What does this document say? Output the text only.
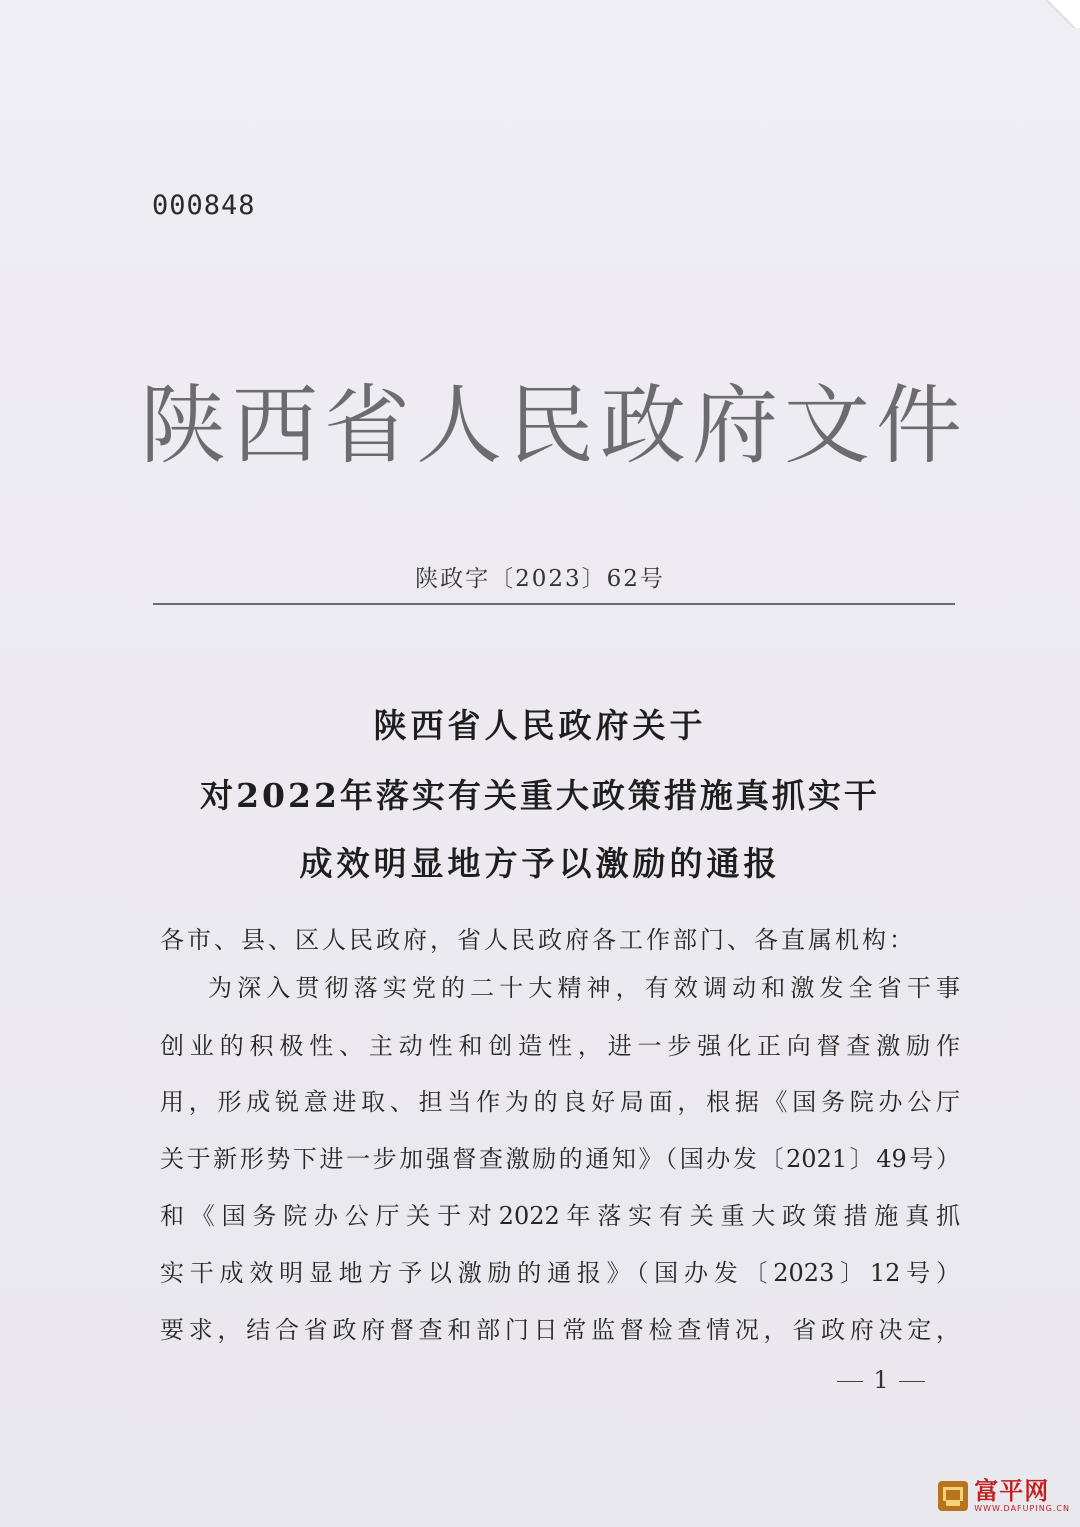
000848
陕西省人民政府文件
陕政字〔2023〕62号
陕西省人民政府关于
对2022年落实有关重大政策措施真抓实干
成效明显地方予以激励的通报
各市、县、区人民政府，省人民政府各工作部门、各直属机构：
为深入贯彻落实党的二十大精神，有效调动和激发全省干事
创业的积极性、主动性和创造性，进一步强化正向督查激励作
用，形成锐意进取、担当作为的良好局面，根据《国务院办公厅
关于新形势下进一步加强督查激励的通知》（国办发〔2021〕49号）
和《国务院办公厅关于对2022年落实有关重大政策措施真抓
实干成效明显地方予以激励的通报》（国办发〔2023〕12号）
要求，结合省政府督查和部门日常监督检查情况，省政府决定，
1
富平网
WWW.DAFUPING.CN
